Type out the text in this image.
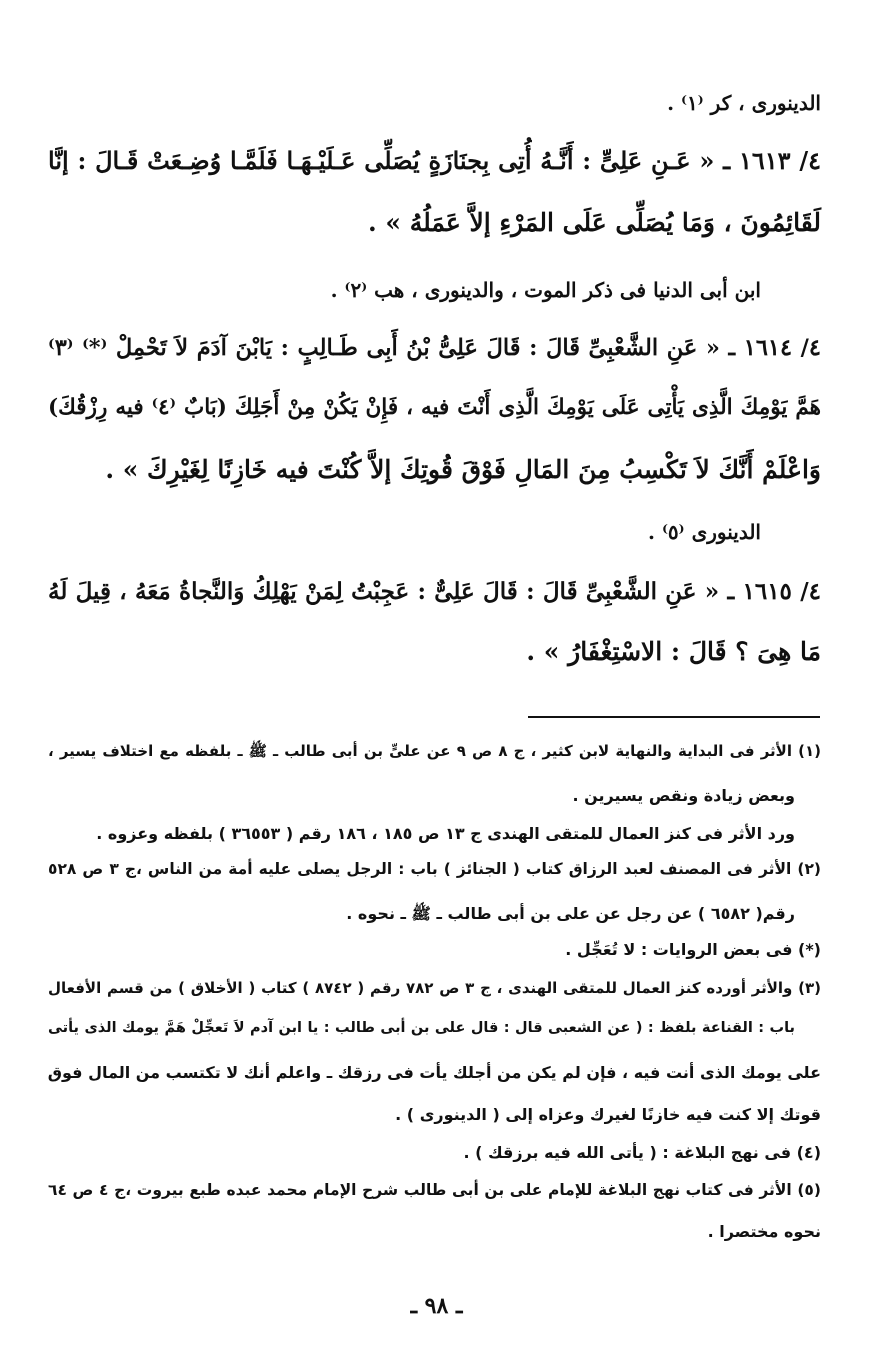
الدينورى ، كر ⁽١⁾ .
٤/ ١٦١٣ ـ « عَـنِ عَلِىٍّ : أَنَّـهُ أُتِى بِجنَازَةٍ يُصَلِّى عَـلَيْـهَـا فَلَمَّـا وُضِـعَتْ قَـالَ : إنَّا
لَقَائِمُونَ ، وَمَا يُصَلِّى عَلَى المَرْءِ إلاَّ عَمَلُهُ » .
ابن أبى الدنيا فى ذكر الموت ، والدينورى ، هب ⁽٢⁾ .
٤/ ١٦١٤ ـ « عَنِ الشَّعْبِىِّ قَالَ : قَالَ عَلِىُّ بْنُ أَبِى طَـالِبٍ : يَابْنَ آدَمَ لاَ تَحْمِلْ ⁽*⁾ ⁽٣⁾
هَمَّ يَوْمِكَ الَّذِى يَأْتِى عَلَى يَوْمِكَ الَّذِى أَنْتَ فيه ، فَإِنْ يَكُنْ مِنْ أَجَلِكَ (بَابٌ ⁽٤⁾ فيه رِزْقُكَ)
وَاعْلَمْ أَنَّكَ لاَ تَكْسِبُ مِنَ المَالِ فَوْقَ قُوتِكَ إلاَّ كُنْتَ فيه خَازِنًا لِغَيْرِكَ » .
الدينورى ⁽٥⁾ .
٤/ ١٦١٥ ـ « عَنِ الشَّعْبِىِّ قَالَ : قَالَ عَلِىٌّ : عَجِبْتُ لِمَنْ يَهْلِكُ وَالنَّجاةُ مَعَهُ ، قِيلَ لَهُ
مَا هِىَ ؟ قَالَ : الاسْتِغْفَارُ » .
(١) الأثر فى البداية والنهاية لابن كثير ، ج ٨ ص ٩ عن علىٍّ بن أبى طالب ـ ﷺ ـ بلفظه مع اختلاف يسير ،
وبعض زيادة ونقص يسيرين .
ورد الأثر فى كنز العمال للمتقى الهندى ج ١٣ ص ١٨٥ ، ١٨٦ رقم ( ٣٦٥٥٣ ) بلفظه وعزوه .
(٢) الأثر فى المصنف لعبد الرزاق كتاب ( الجنائز ) باب : الرجل يصلى عليه أمة من الناس ،ج ٣ ص ٥٢٨
رقم( ٦٥٨٢ ) عن رجل عن على بن أبى طالب ـ ﷺ ـ نحوه .
(*) فى بعض الروايات : لا تُعَجِّل .
(٣) والأثر أورده كنز العمال للمتقى الهندى ، ج ٣ ص ٧٨٢ رقم ( ٨٧٤٢ ) كتاب ( الأخلاق ) من قسم الأفعال
باب : القناعة بلفظ : ( عن الشعبى قال : قال على بن أبى طالب : يا ابن آدم لاَ تَعجِّلْ هَمَّ يومك الذى يأتى
على يومك الذى أنت فيه ، فإن لم يكن من أجلك يأت فى رزقك ـ واعلم أنك لا تكتسب من المال فوق
قوتك إلا كنت فيه خازنًا لغيرك وعزاه إلى ( الدينورى ) .
(٤) فى نهج البلاغة : ( يأتى الله فيه برزقك ) .
(٥) الأثر فى كتاب نهج البلاغة للإمام على بن أبى طالب شرح الإمام محمد عبده طبع بيروت ،ج ٤ ص ٦٤
نحوه مختصرا .
ـ ٩٨ ـ
